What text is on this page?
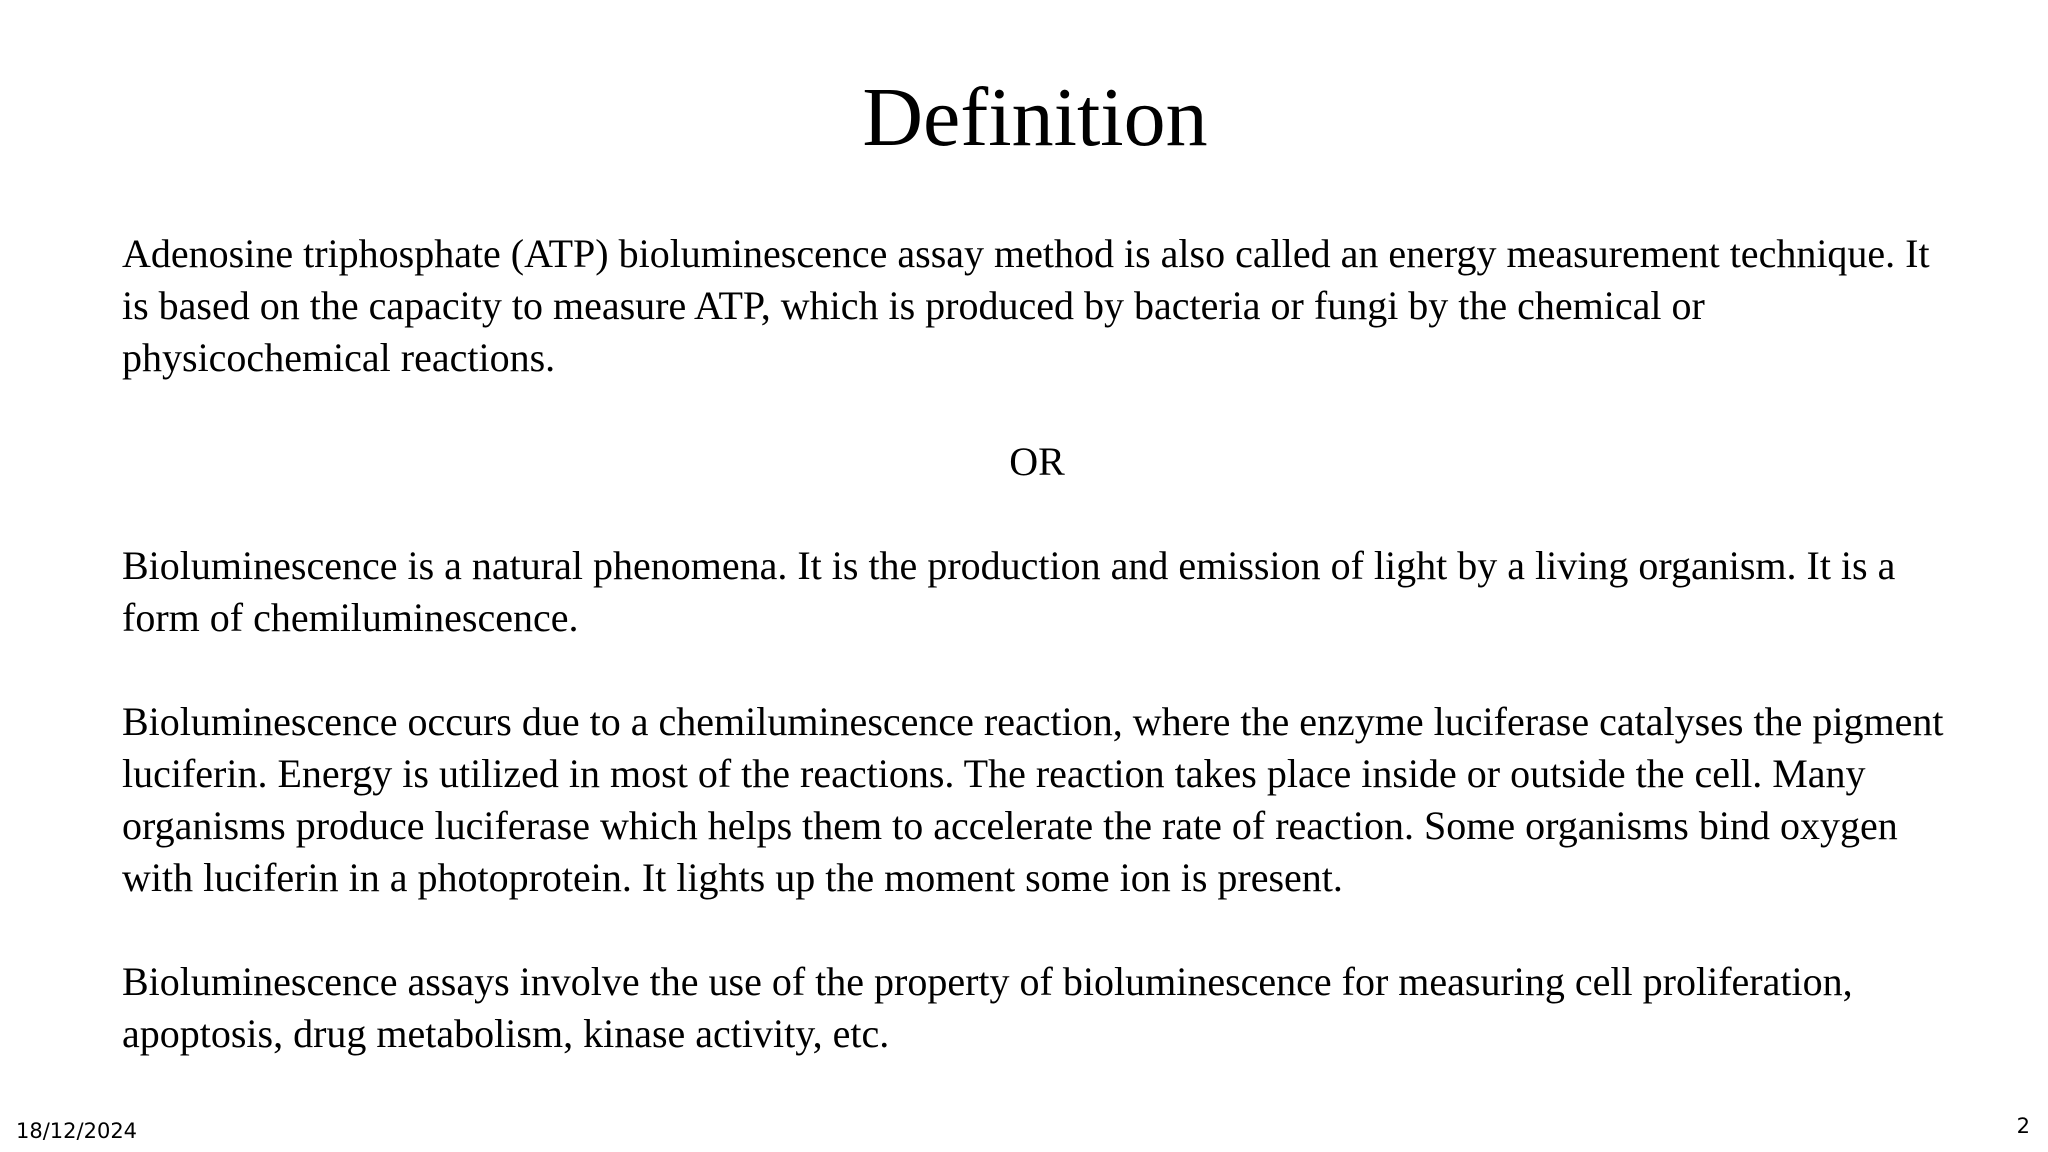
Definition

Adenosine triphosphate (ATP) bioluminescence assay method is also called an energy measurement technique. It is based on the capacity to measure ATP, which is produced by bacteria or fungi by the chemical or physicochemical reactions.

OR

Bioluminescence is a natural phenomena. It is the production and emission of light by a living organism. It is a form of chemiluminescence.

Bioluminescence occurs due to a chemiluminescence reaction, where the enzyme luciferase catalyses the pigment luciferin. Energy is utilized in most of the reactions. The reaction takes place inside or outside the cell. Many organisms produce luciferase which helps them to accelerate the rate of reaction. Some organisms bind oxygen with luciferin in a photoprotein. It lights up the moment some ion is present.

Bioluminescence assays involve the use of the property of bioluminescence for measuring cell proliferation, apoptosis, drug metabolism, kinase activity, etc.

18/12/2024	2
